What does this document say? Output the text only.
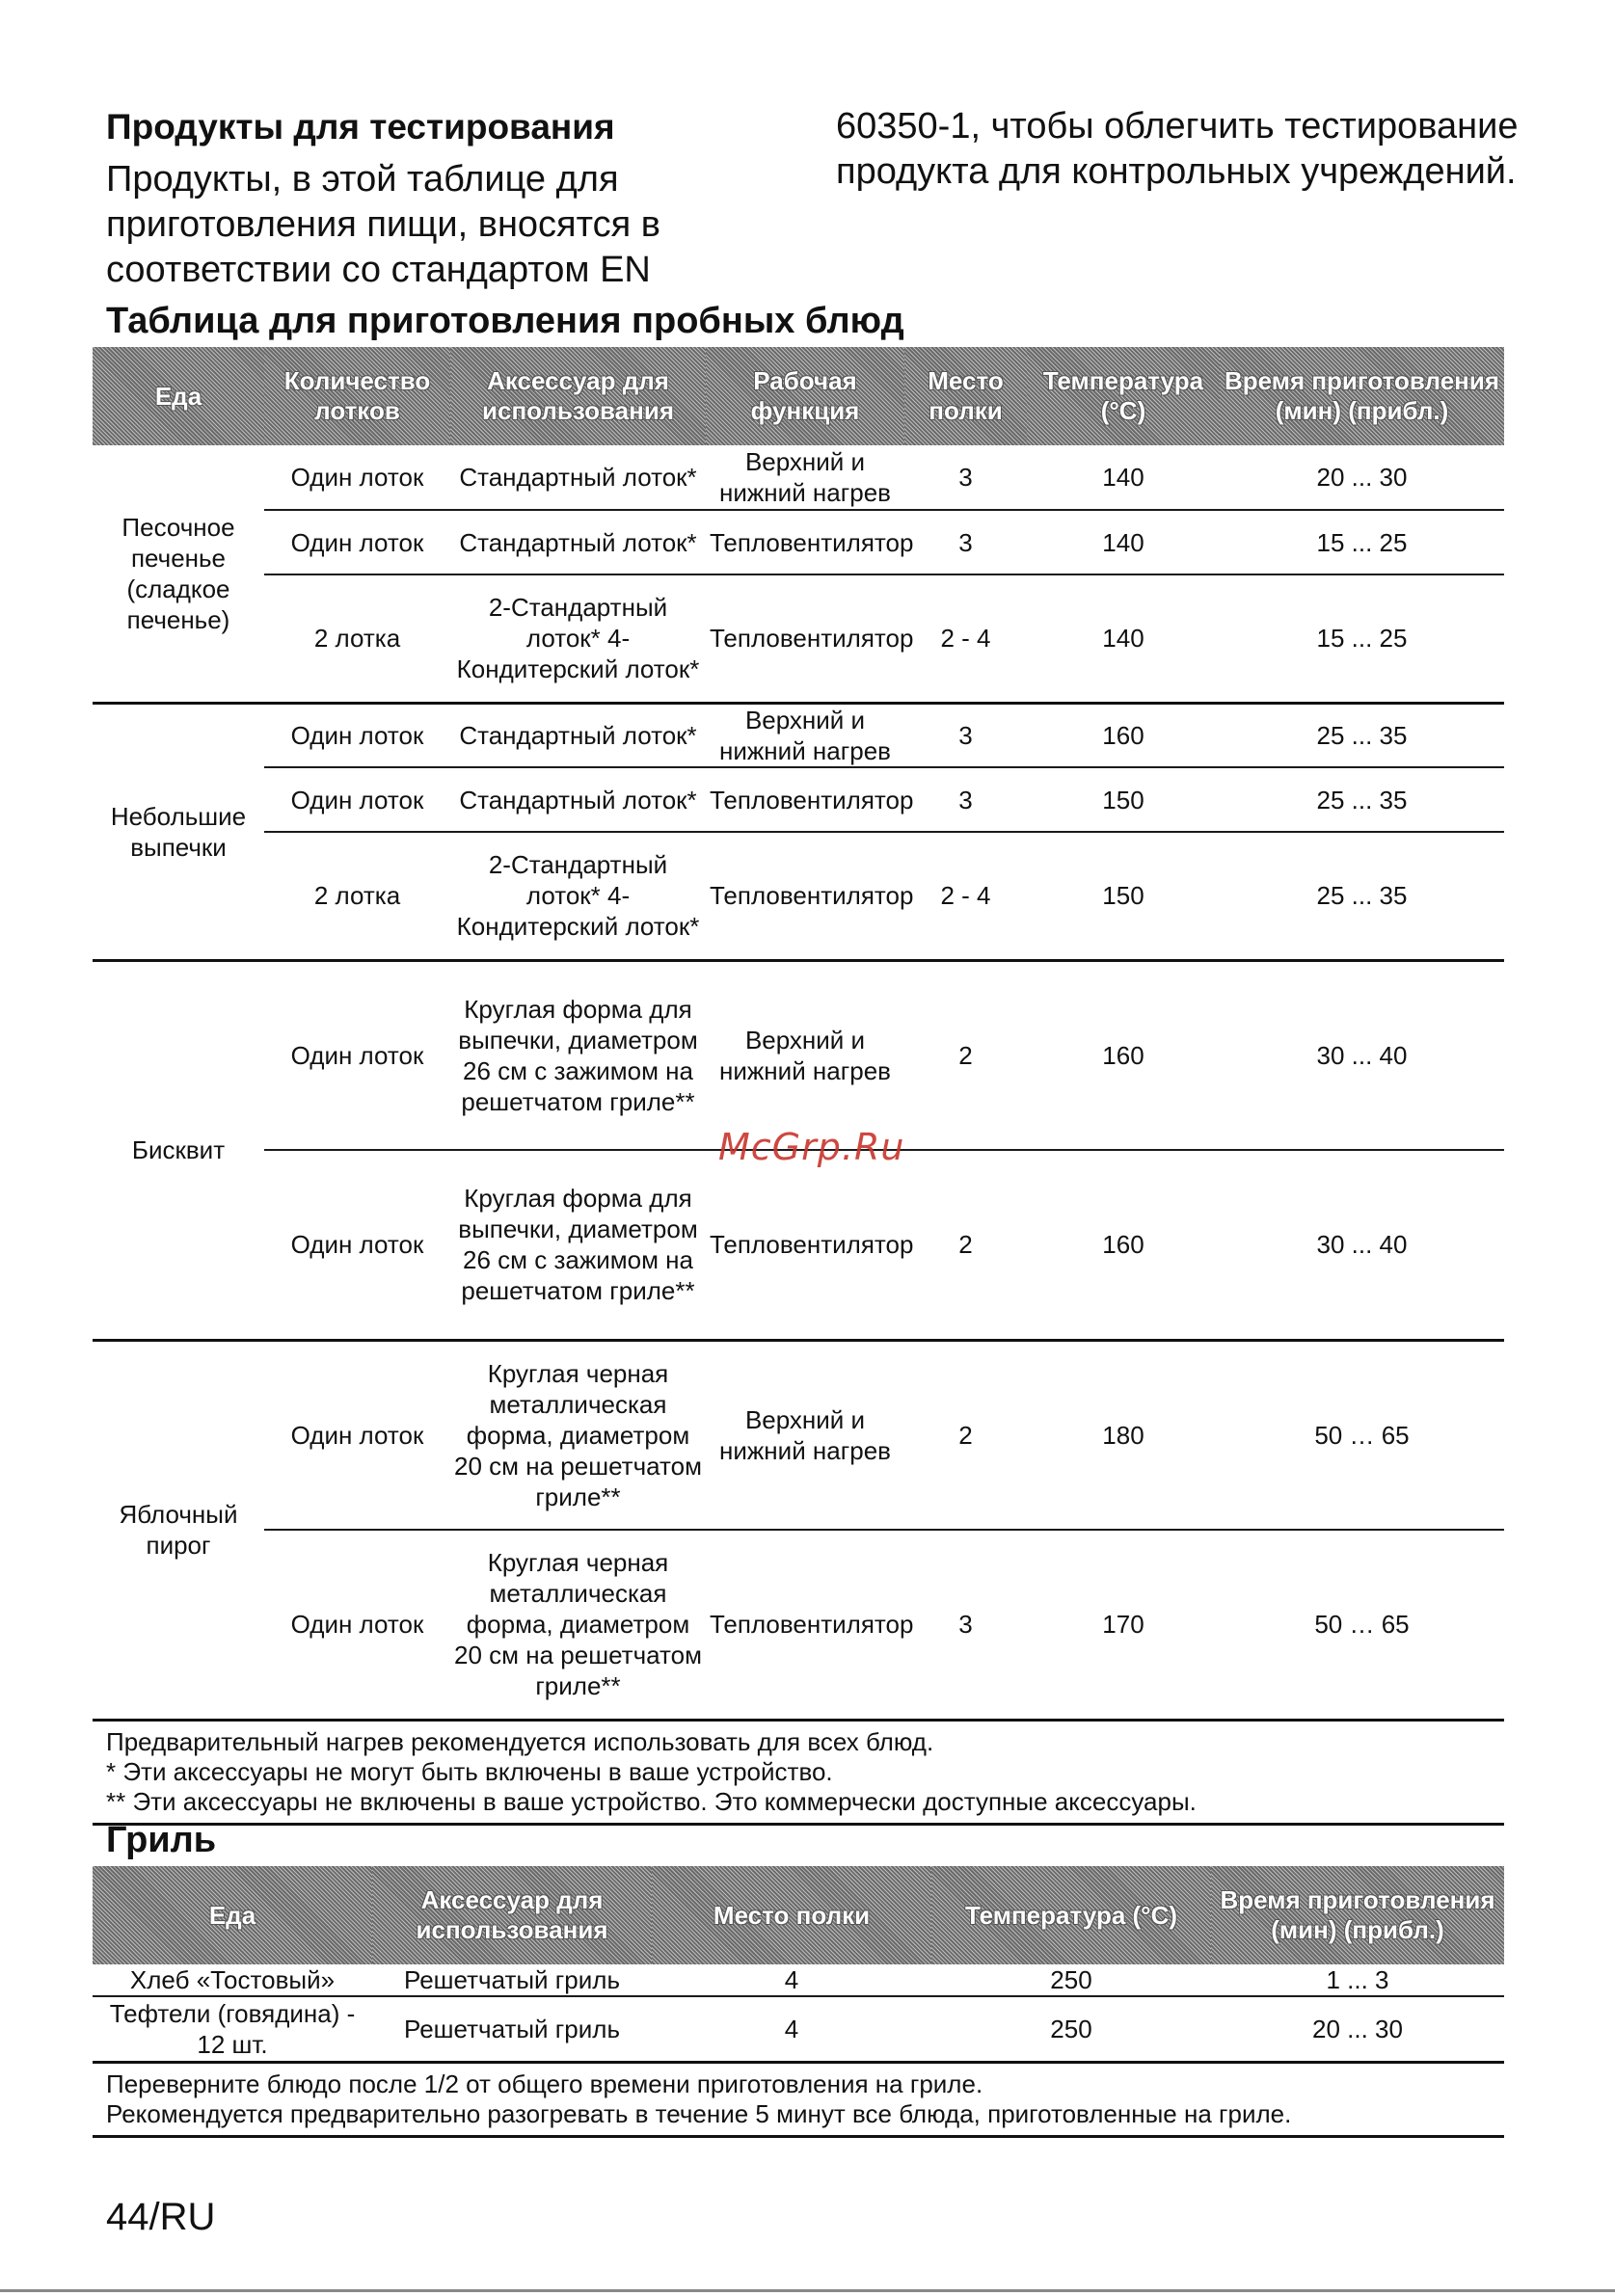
Продукты для тестирования
Продукты, в этой таблице для приготовления пищи, вносятся в соответствии со стандартом EN
60350-1, чтобы облегчить тестирование продукта для контрольных учреждений.
Таблица для приготовления пробных блюд
Еда	Количество лотков	Аксессуар для использования	Рабочая функция	Место полки	Температура (°C)	Время приготовления (мин) (прибл.)
Песочное печенье (сладкое печенье)	Один лоток	Стандартный лоток*	Верхний и нижний нагрев	3	140	20 ... 30
	Один лоток	Стандартный лоток*	Тепловентилятор	3	140	15 ... 25
	2 лотка	2-Стандартный лоток* 4-Кондитерский лоток*	Тепловентилятор	2 - 4	140	15 ... 25
Небольшие выпечки	Один лоток	Стандартный лоток*	Верхний и нижний нагрев	3	160	25 ... 35
	Один лоток	Стандартный лоток*	Тепловентилятор	3	150	25 ... 35
	2 лотка	2-Стандартный лоток* 4-Кондитерский лоток*	Тепловентилятор	2 - 4	150	25 ... 35
Бисквит	Один лоток	Круглая форма для выпечки, диаметром 26 см с зажимом на решетчатом гриле**	Верхний и нижний нагрев	2	160	30 ... 40
	Один лоток	Круглая форма для выпечки, диаметром 26 см с зажимом на решетчатом гриле**	Тепловентилятор	2	160	30 ... 40
Яблочный пирог	Один лоток	Круглая черная металлическая форма, диаметром 20 см на решетчатом гриле**	Верхний и нижний нагрев	2	180	50 … 65
	Один лоток	Круглая черная металлическая форма, диаметром 20 см на решетчатом гриле**	Тепловентилятор	3	170	50 … 65

Предварительный нагрев рекомендуется использовать для всех блюд.
* Эти аксессуары не могут быть включены в ваше устройство.
** Эти аксессуары не включены в ваше устройство. Это коммерчески доступные аксессуары.						
McGrp.Ru
Гриль
Еда	Аксессуар для использования	Место полки	Температура (°C)	Время приготовления (мин) (прибл.)
Хлеб «Тостовый»	Решетчатый гриль	4	250	1 ... 3
Тефтели (говядина) - 12 шт.	Решетчатый гриль	4	250	20 ... 30

Переверните блюдо после 1/2 от общего времени приготовления на грилe.
Рекомендуется предварительно разогревать в течение 5 минут все блюда, приготовленные на гриле.				
44/RU
